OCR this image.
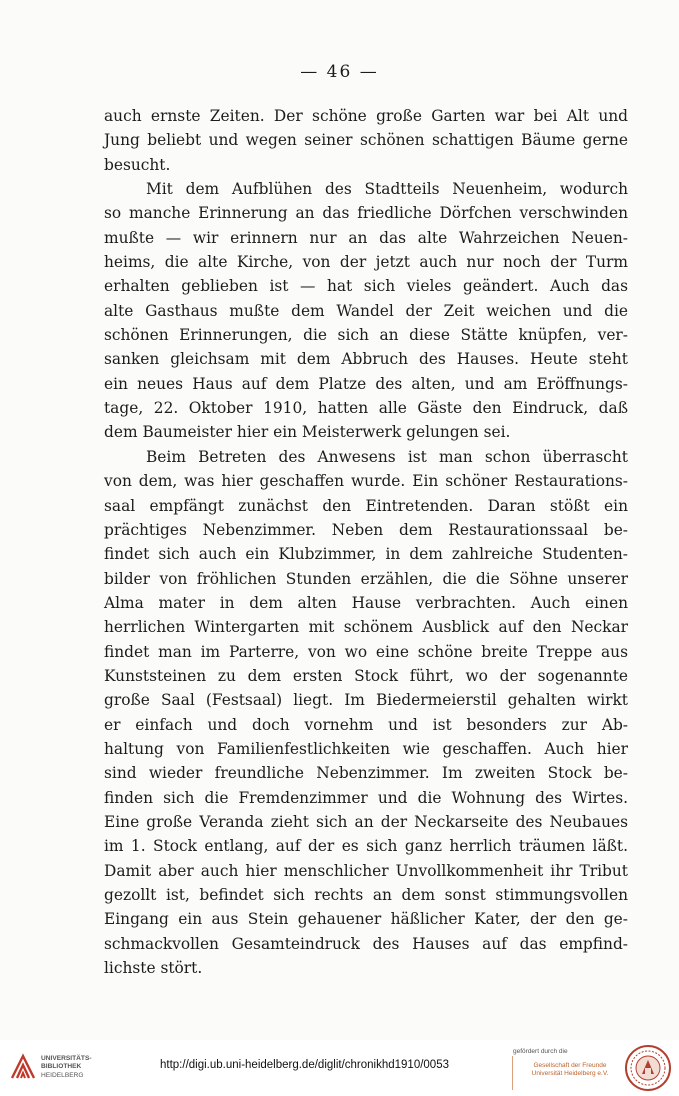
— 46 —
auch ernste Zeiten. Der schöne große Garten war bei Alt und
Jung beliebt und wegen seiner schönen schattigen Bäume gerne
besucht.
Mit dem Aufblühen des Stadtteils Neuenheim, wodurch
so manche Erinnerung an das friedliche Dörfchen verschwinden
mußte — wir erinnern nur an das alte Wahrzeichen Neuen-
heims, die alte Kirche, von der jetzt auch nur noch der Turm
erhalten geblieben ist — hat sich vieles geändert. Auch das
alte Gasthaus mußte dem Wandel der Zeit weichen und die
schönen Erinnerungen, die sich an diese Stätte knüpfen, ver-
sanken gleichsam mit dem Abbruch des Hauses. Heute steht
ein neues Haus auf dem Platze des alten, und am Eröffnungs-
tage, 22. Oktober 1910, hatten alle Gäste den Eindruck, daß
dem Baumeister hier ein Meisterwerk gelungen sei.
Beim Betreten des Anwesens ist man schon überrascht
von dem, was hier geschaffen wurde. Ein schöner Restaurations-
saal empfängt zunächst den Eintretenden. Daran stößt ein
prächtiges Nebenzimmer. Neben dem Restaurationssaal be-
findet sich auch ein Klubzimmer, in dem zahlreiche Studenten-
bilder von fröhlichen Stunden erzählen, die die Söhne unserer
Alma mater in dem alten Hause verbrachten. Auch einen
herrlichen Wintergarten mit schönem Ausblick auf den Neckar
findet man im Parterre, von wo eine schöne breite Treppe aus
Kunststeinen zu dem ersten Stock führt, wo der sogenannte
große Saal (Festsaal) liegt. Im Biedermeierstil gehalten wirkt
er einfach und doch vornehm und ist besonders zur Ab-
haltung von Familienfestlichkeiten wie geschaffen. Auch hier
sind wieder freundliche Nebenzimmer. Im zweiten Stock be-
finden sich die Fremdenzimmer und die Wohnung des Wirtes.
Eine große Veranda zieht sich an der Neckarseite des Neubaues
im 1. Stock entlang, auf der es sich ganz herrlich träumen läßt.
Damit aber auch hier menschlicher Unvollkommenheit ihr Tribut
gezollt ist, befindet sich rechts an dem sonst stimmungsvollen
Eingang ein aus Stein gehauener häßlicher Kater, der den ge-
schmackvollen Gesamteindruck des Hauses auf das empfind-
lichste stört.
UNIVERSITÄTS-
BIBLIOTHEK
HEIDELBERG
http://digi.ub.uni-heidelberg.de/diglit/chronikhd1910/0053
gefördert durch die
Gesellschaft der Freunde
Universität Heidelberg e.V.
